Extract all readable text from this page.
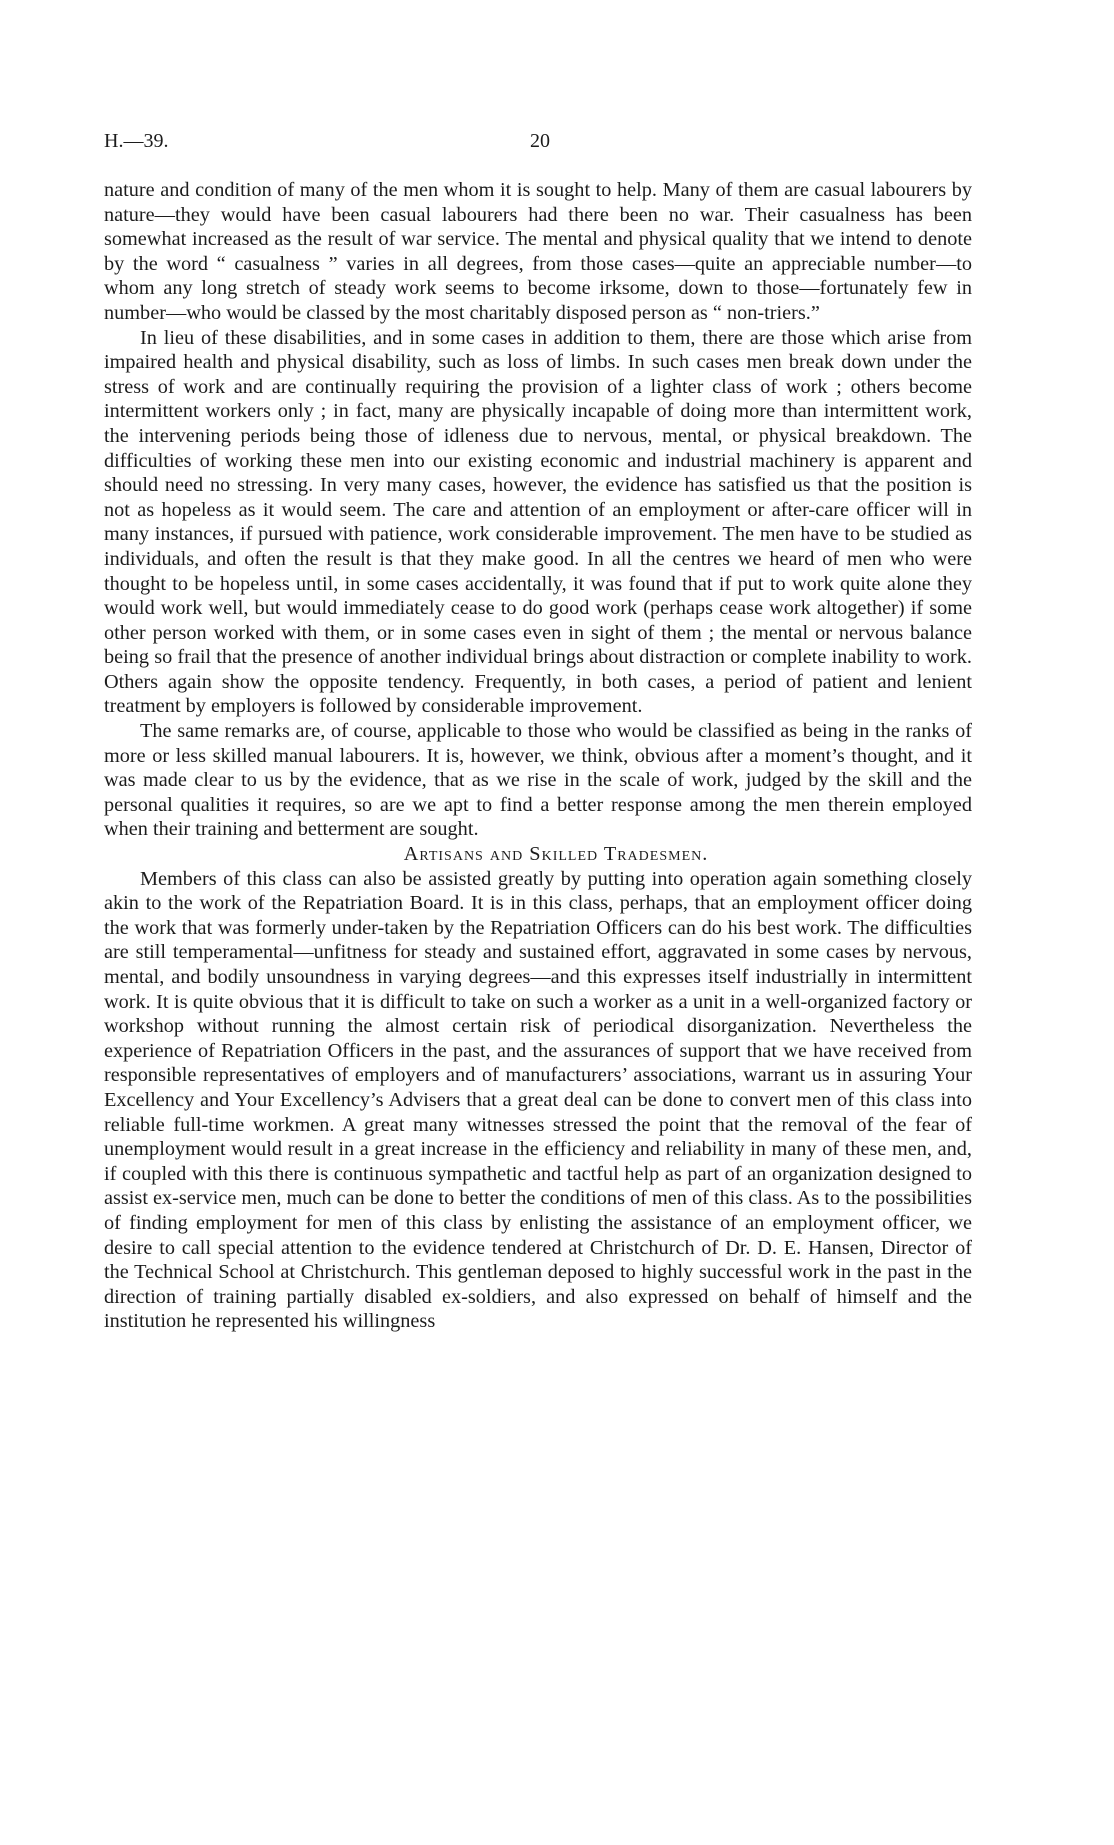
H.—39.	20

nature and condition of many of the men whom it is sought to help. Many of them are casual labourers by nature—they would have been casual labourers had there been no war. Their casualness has been somewhat increased as the result of war service. The mental and physical quality that we intend to denote by the word “ casualness ” varies in all degrees, from those cases—quite an appreciable number—to whom any long stretch of steady work seems to become irksome, down to those—fortunately few in number—who would be classed by the most charitably disposed person as “ non-triers.”

In lieu of these disabilities, and in some cases in addition to them, there are those which arise from impaired health and physical disability, such as loss of limbs. In such cases men break down under the stress of work and are continually requiring the provision of a lighter class of work ; others become intermittent workers only ; in fact, many are physically incapable of doing more than intermittent work, the intervening periods being those of idleness due to nervous, mental, or physical breakdown. The difficulties of working these men into our existing economic and industrial machinery is apparent and should need no stressing. In very many cases, however, the evidence has satisfied us that the position is not as hopeless as it would seem. The care and attention of an employment or after-care officer will in many instances, if pursued with patience, work considerable improvement. The men have to be studied as individuals, and often the result is that they make good. In all the centres we heard of men who were thought to be hopeless until, in some cases accidentally, it was found that if put to work quite alone they would work well, but would immediately cease to do good work (perhaps cease work altogether) if some other person worked with them, or in some cases even in sight of them ; the mental or nervous balance being so frail that the presence of another individual brings about distraction or complete inability to work. Others again show the opposite tendency. Frequently, in both cases, a period of patient and lenient treatment by employers is followed by considerable improvement.

The same remarks are, of course, applicable to those who would be classified as being in the ranks of more or less skilled manual labourers. It is, however, we think, obvious after a moment’s thought, and it was made clear to us by the evidence, that as we rise in the scale of work, judged by the skill and the personal qualities it requires, so are we apt to find a better response among the men therein employed when their training and betterment are sought.

Artisans and Skilled Tradesmen.

Members of this class can also be assisted greatly by putting into operation again something closely akin to the work of the Repatriation Board. It is in this class, perhaps, that an employment officer doing the work that was formerly under-taken by the Repatriation Officers can do his best work. The difficulties are still temperamental—unfitness for steady and sustained effort, aggravated in some cases by nervous, mental, and bodily unsoundness in varying degrees—and this expresses itself industrially in intermittent work. It is quite obvious that it is difficult to take on such a worker as a unit in a well-organized factory or workshop without running the almost certain risk of periodical disorganization. Nevertheless the experience of Repatriation Officers in the past, and the assurances of support that we have received from responsible representatives of employers and of manufacturers’ associations, warrant us in assuring Your Excellency and Your Excellency’s Advisers that a great deal can be done to convert men of this class into reliable full-time workmen. A great many witnesses stressed the point that the removal of the fear of unemployment would result in a great increase in the efficiency and reliability in many of these men, and, if coupled with this there is continuous sympathetic and tactful help as part of an organization designed to assist ex-service men, much can be done to better the conditions of men of this class. As to the possibilities of finding employment for men of this class by enlisting the assistance of an employment officer, we desire to call special attention to the evidence tendered at Christchurch of Dr. D. E. Hansen, Director of the Technical School at Christchurch. This gentleman deposed to highly successful work in the past in the direction of training partially disabled ex-soldiers, and also expressed on behalf of himself and the institution he represented his willingness
